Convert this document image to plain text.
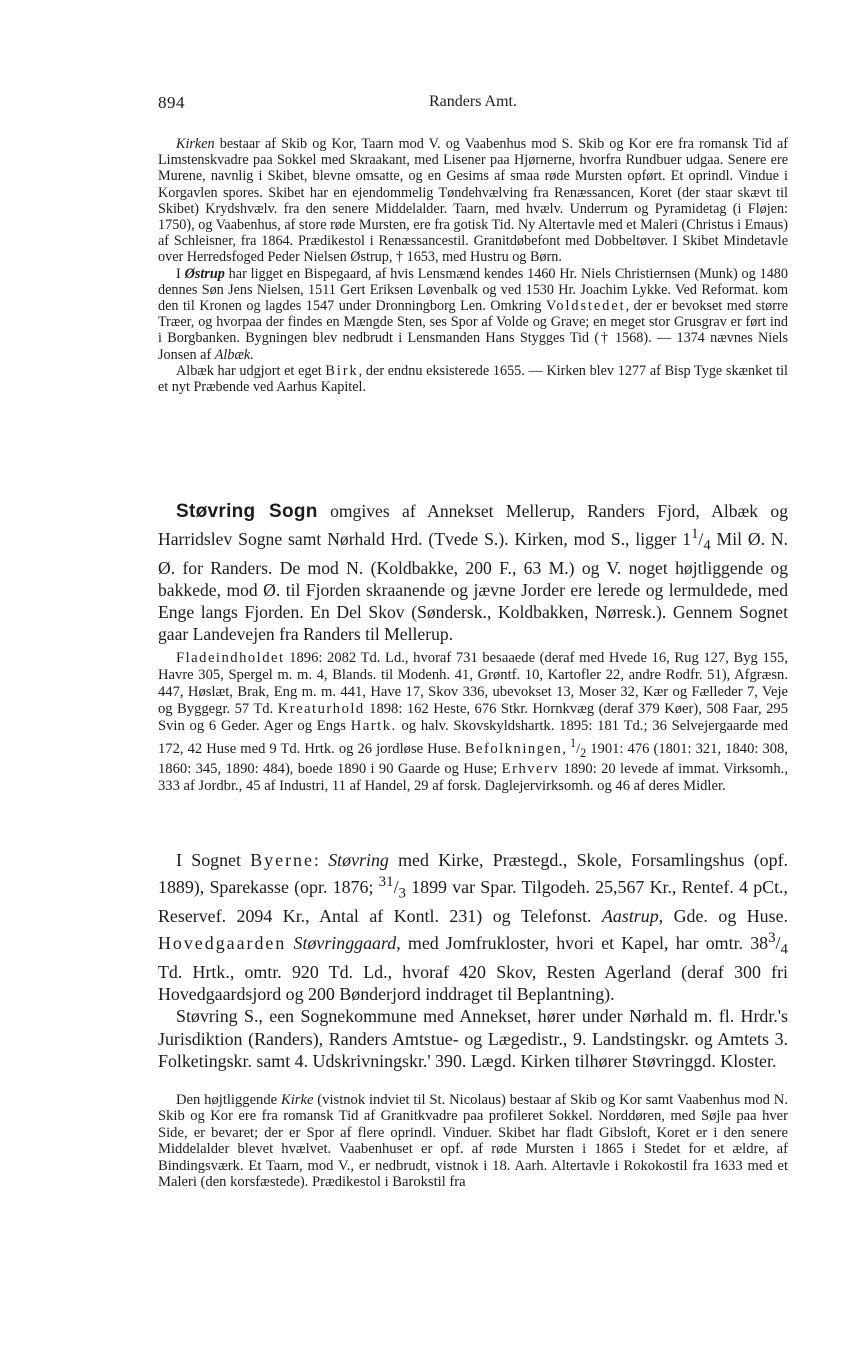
894	Randers Amt.

Kirken bestaar af Skib og Kor, Taarn mod V. og Vaabenhus mod S. Skib og Kor ere fra romansk Tid af Limstenskvadre paa Sokkel med Skraakant, med Lisener paa Hjørnerne, hvorfra Rundbuer udgaa. Senere ere Murene, navnlig i Skibet, blevne omsatte, og en Gesims af smaa røde Mursten opført. Et oprindl. Vindue i Korgavlen spores. Skibet har en ejendommelig Tøndehvælving fra Renæssancen, Koret (der staar skævt til Skibet) Krydshvælv. fra den senere Middelalder. Taarn, med hvælv. Underrum og Pyramidetag (i Fløjen: 1750), og Vaabenhus, af store røde Mursten, ere fra gotisk Tid. Ny Altertavle med et Maleri (Christus i Emaus) af Schleisner, fra 1864. Prædikestol i Renæssancestil. Granitdøbefont med Dobbeltøver. I Skibet Mindetavle over Herredsfoged Peder Nielsen Østrup, † 1653, med Hustru og Børn.

I Østrup har ligget en Bispegaard, af hvis Lensmænd kendes 1460 Hr. Niels Christiernsen (Munk) og 1480 dennes Søn Jens Nielsen, 1511 Gert Eriksen Løvenbalk og ved 1530 Hr. Joachim Lykke. Ved Reformat. kom den til Kronen og lagdes 1547 under Dronningborg Len. Omkring Voldstedet, der er bevokset med større Træer, og hvorpaa der findes en Mængde Sten, ses Spor af Volde og Grave; en meget stor Grusgrav er ført ind i Borgbanken. Bygningen blev nedbrudt i Lensmanden Hans Stygges Tid († 1568). — 1374 nævnes Niels Jonsen af Albæk.

Albæk har udgjort et eget Birk, der endnu eksisterede 1655. — Kirken blev 1277 af Bisp Tyge skænket til et nyt Præbende ved Aarhus Kapitel.

Støvring Sogn omgives af Annekset Mellerup, Randers Fjord, Albæk og Harridslev Sogne samt Nørhald Hrd. (Tvede S.). Kirken, mod S., ligger $1^1/_4$ Mil Ø. N. Ø. for Randers. De mod N. (Koldbakke, 200 F., 63 M.) og V. noget højtliggende og bakkede, mod Ø. til Fjorden skraanende og jævne Jorder ere lerede og lermuldede, med Enge langs Fjorden. En Del Skov (Søndersk., Koldbakken, Nørresk.). Gennem Sognet gaar Landevejen fra Randers til Mellerup.

Fladeindholdet 1896: 2082 Td. Ld., hvoraf 731 besaaede (deraf med Hvede 16, Rug 127, Byg 155, Havre 305, Spergel m. m. 4, Blands. til Modenh. 41, Grøntf. 10, Kartofler 22, andre Rodfr. 51), Afgræsn. 447, Høslæt, Brak, Eng m. m. 441, Have 17, Skov 336, ubevokset 13, Moser 32, Kær og Fælleder 7, Veje og Byggegr. 57 Td. Kreaturhold 1898: 162 Heste, 676 Stkr. Hornkvæg (deraf 379 Køer), 508 Faar, 295 Svin og 6 Geder. Ager og Engs Hartk. og halv. Skovskyldshartk. 1895: 181 Td.; 36 Selvejergaarde med 172, 42 Huse med 9 Td. Hrtk. og 26 jordløse Huse. Befolkningen, $^1/_2$ 1901: 476 (1801: 321, 1840: 308, 1860: 345, 1890: 484), boede 1890 i 90 Gaarde og Huse; Erhverv 1890: 20 levede af immat. Virksomh., 333 af Jordbr., 45 af Industri, 11 af Handel, 29 af forsk. Daglejervirksomh. og 46 af deres Midler.

I Sognet Byerne: Støvring med Kirke, Præstegd., Skole, Forsamlingshus (opf. 1889), Sparekasse (opr. 1876; $^{31}/_3$ 1899 var Spar. Tilgodeh. 25,567 Kr., Rentef. 4 pCt., Reservef. 2094 Kr., Antal af Kontl. 231) og Telefonst. Aastrup, Gde. og Huse. Hovedgaarden Støvringgaard, med Jomfrukloster, hvori et Kapel, har omtr. $38^3/_4$ Td. Hrtk., omtr. 920 Td. Ld., hvoraf 420 Skov, Resten Agerland (deraf 300 fri Hovedgaardsjord og 200 Bønderjord inddraget til Beplantning).

Støvring S., een Sognekommune med Annekset, hører under Nørhald m. fl. Hrdr.'s Jurisdiktion (Randers), Randers Amtstue- og Lægedistr., 9. Landstingskr. og Amtets 3. Folketingskr. samt 4. Udskrivningskr.' 390. Lægd. Kirken tilhører Støvringgd. Kloster.

Den højtliggende Kirke (vistnok indviet til St. Nicolaus) bestaar af Skib og Kor samt Vaabenhus mod N. Skib og Kor ere fra romansk Tid af Granitkvadre paa profileret Sokkel. Norddøren, med Søjle paa hver Side, er bevaret; der er Spor af flere oprindl. Vinduer. Skibet har fladt Gibsloft, Koret er i den senere Middelalder blevet hvælvet. Vaabenhuset er opf. af røde Mursten i 1865 i Stedet for et ældre, af Bindingsværk. Et Taarn, mod V., er nedbrudt, vistnok i 18. Aarh. Altertavle i Rokokostil fra 1633 med et Maleri (den korsfæstede). Prædikestol i Barokstil fra
